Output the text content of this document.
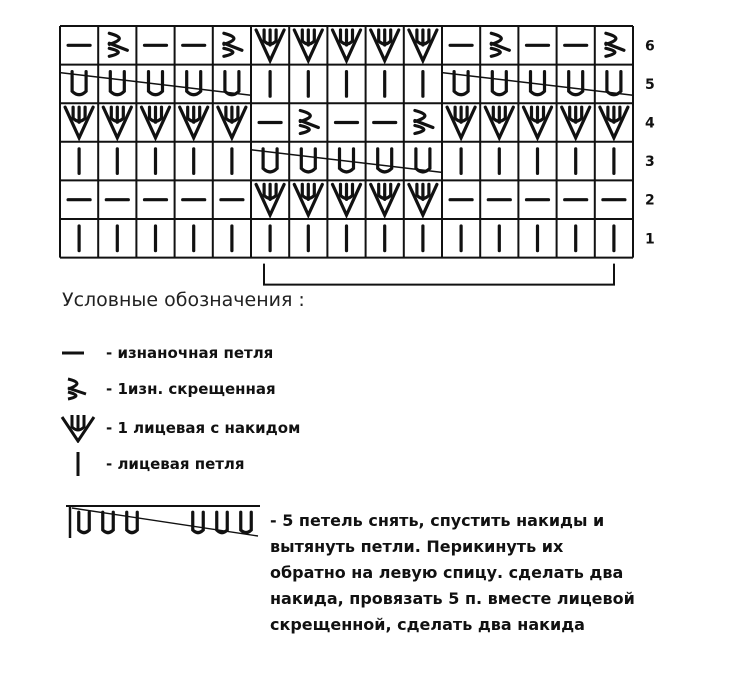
6
5
4
3
2
1
Условные обозначения :
- изнаночная петля
- 1изн. скрещенная
- 1 лицевая с накидом
- лицевая петля
- 5 петель снять, спустить накиды и
вытянуть петли. Перикинуть их
обратно на левую спицу. сделать два
накида, провязать 5 п. вместе лицевой
скрещенной, сделать два накида
